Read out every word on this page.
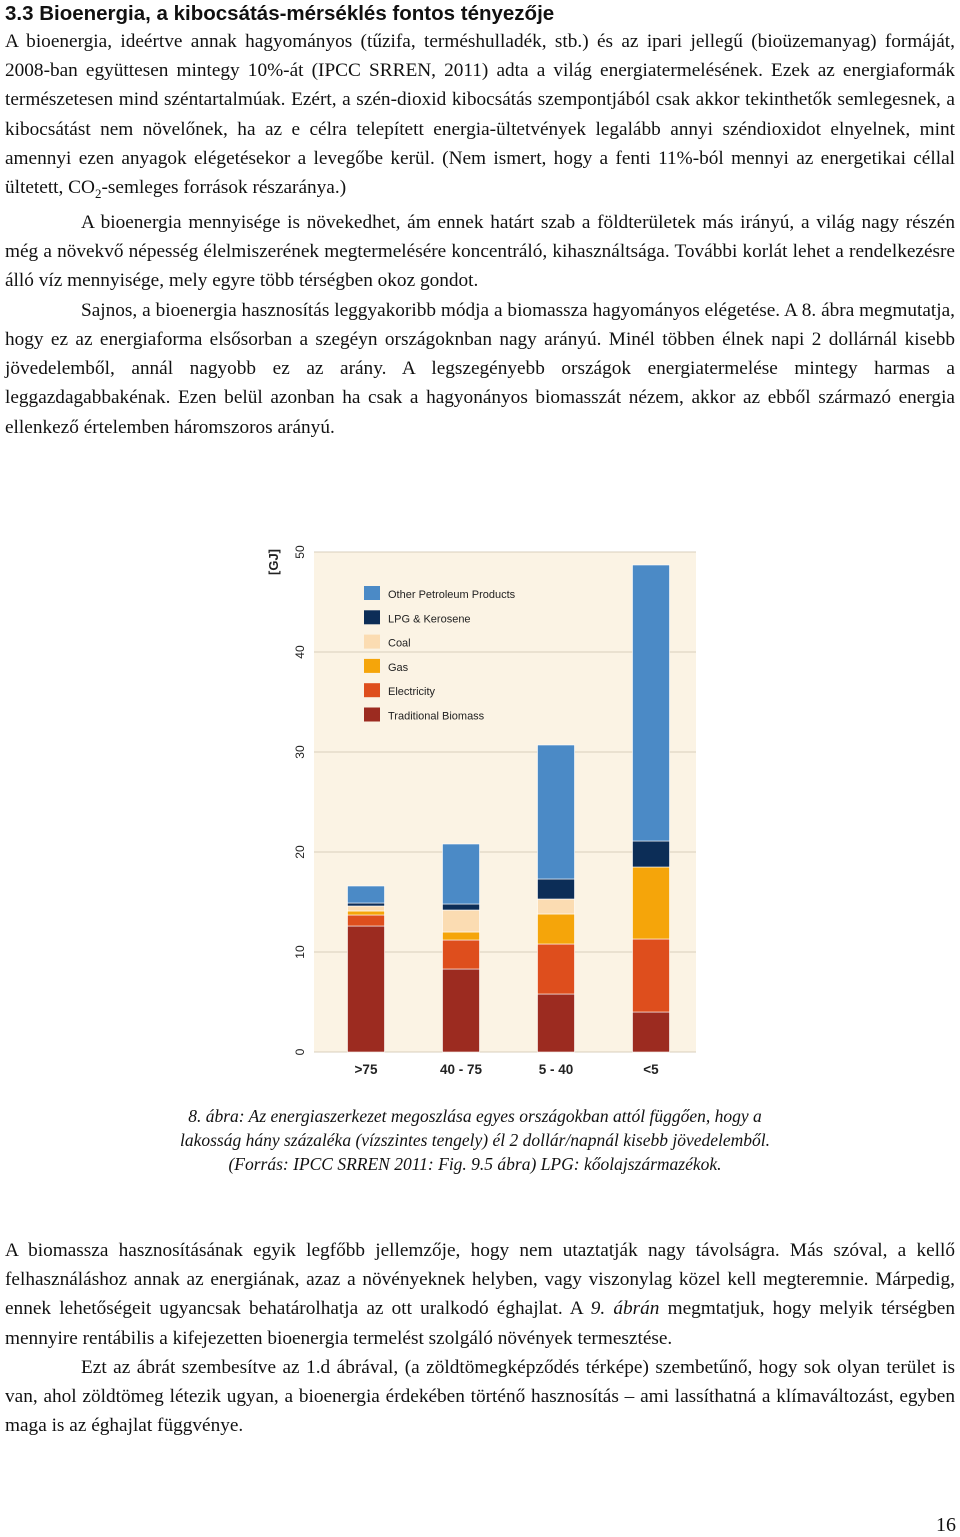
3.3 Bioenergia, a kibocsátás-mérséklés fontos tényezője

A bioenergia, ideértve annak hagyományos (tűzifa, terméshulladék, stb.) és az ipari jellegű (bioüzemanyag) formáját, 2008-ban együttesen mintegy 10%-át (IPCC SRREN, 2011) adta a világ energiatermelésének. Ezek az energiaformák természetesen mind széntartalmúak. Ezért, a szén-dioxid kibocsátás szempontjából csak akkor tekinthetők semlegesnek, a kibocsátást nem növelőnek, ha az e célra telepített energia-ültetvények legalább annyi széndioxidot elnyelnek, mint amennyi ezen anyagok elégetésekor a levegőbe kerül. (Nem ismert, hogy a fenti 11%-ból mennyi az energetikai céllal ültetett, $CO_2$-semleges források részaránya.)

A bioenergia mennyisége is növekedhet, ám ennek határt szab a földterületek más irányú, a világ nagy részén még a növekvő népesség élelmiszerének megtermelésére koncentráló, kihasználtsága. További korlát lehet a rendelkezésre álló víz mennyisége, mely egyre több térségben okoz gondot.

Sajnos, a bioenergia hasznosítás leggyakoribb módja a biomassza hagyományos elégetése. A 8. ábra megmutatja, hogy ez az energiaforma elsősorban a szegéyn országoknban nagy arányú. Minél többen élnek napi 2 dollárnál kisebb jövedelemből, annál nagyobb ez az arány. A legszegényebb országok energiatermelése mintegy harmas a leggazdagabbakénak. Ezen belül azonban ha csak a hagyonányos biomasszát nézem, akkor az ebből származó energia ellenkező értelemben háromszoros arányú.

0
10
20
30
40
50
>75	40 - 75	5 - 40	<5
Other Petroleum Products
LPG & Kerosene
Coal
Gas
Electricity
Traditional Biomass
[GJ]
8. ábra: Az energiaszerkezet megoszlása egyes országokban attól függően, hogy a
lakosság hány százaléka (vízszintes tengely) él 2 dollár/napnál kisebb jövedelemből.
(Forrás: IPCC SRREN 2011: Fig. 9.5 ábra) LPG: kőolajszármazékok.

A biomassza hasznosításának egyik legfőbb jellemzője, hogy nem utaztatják nagy távolságra. Más szóval, a kellő felhasználáshoz annak az energiának, azaz a növényeknek helyben, vagy viszonylag közel kell megteremnie. Márpedig, ennek lehetőségeit ugyancsak behatárolhatja az ott uralkodó éghajlat. A 9. ábrán megmtatjuk, hogy melyik térségben mennyire rentábilis a kifejezetten bioenergia termelést szolgáló növények termesztése.

Ezt az ábrát szembesítve az 1.d ábrával, (a zöldtömegképződés térképe) szembetűnő, hogy sok olyan terület is van, ahol zöldtömeg létezik ugyan, a bioenergia érdekében történő hasznosítás – ami lassíthatná a klímaváltozást, egyben maga is az éghajlat függvénye.

16
